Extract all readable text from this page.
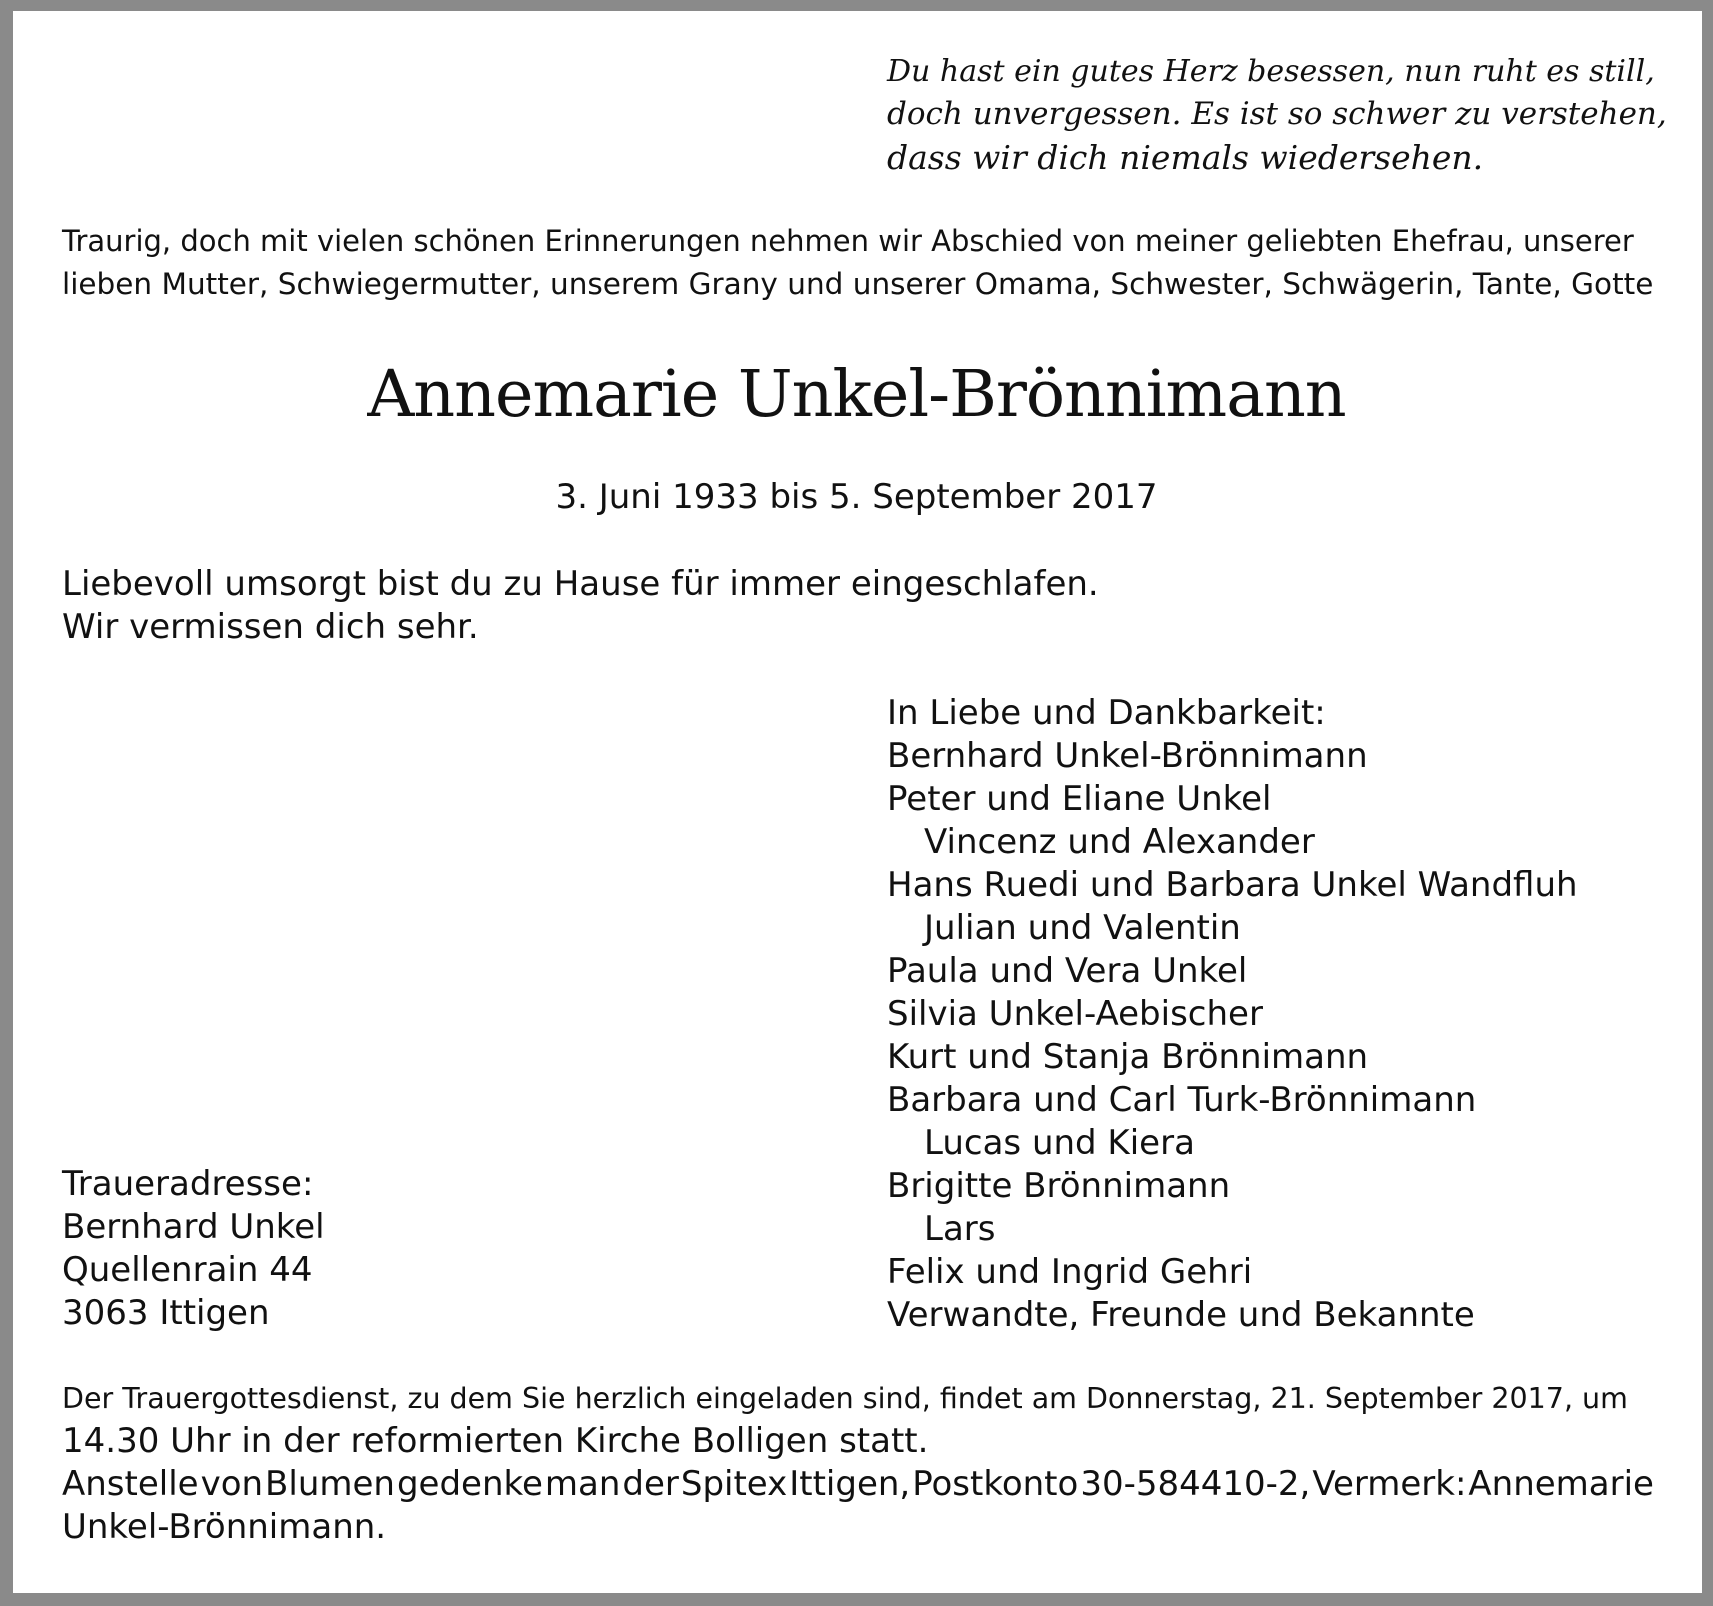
Du hast ein gutes Herz besessen, nun ruht es still,
doch unvergessen. Es ist so schwer zu verstehen,
dass wir dich niemals wiedersehen.
Traurig, doch mit vielen schönen Erinnerungen nehmen wir Abschied von meiner geliebten Ehefrau, unserer
lieben Mutter, Schwiegermutter, unserem Grany und unserer Omama, Schwester, Schwägerin, Tante, Gotte
Annemarie Unkel-Brönnimann
3. Juni 1933 bis 5. September 2017
Liebevoll umsorgt bist du zu Hause für immer eingeschlafen.
Wir vermissen dich sehr.
In Liebe und Dankbarkeit:
Bernhard Unkel-Brönnimann
Peter und Eliane Unkel
Vincenz und Alexander
Hans Ruedi und Barbara Unkel Wandfluh
Julian und Valentin
Paula und Vera Unkel
Silvia Unkel-Aebischer
Kurt und Stanja Brönnimann
Barbara und Carl Turk-Brönnimann
Lucas und Kiera
Brigitte Brönnimann
Lars
Felix und Ingrid Gehri
Verwandte, Freunde und Bekannte
Traueradresse:
Bernhard Unkel
Quellenrain 44
3063 Ittigen
Der Trauergottesdienst, zu dem Sie herzlich eingeladen sind, findet am Donnerstag, 21. September 2017, um
14.30 Uhr in der reformierten Kirche Bolligen statt.
Anstelle von Blumen gedenke man der Spitex Ittigen, Postkonto 30-584410-2, Vermerk: Annemarie
Unkel-Brönnimann.
